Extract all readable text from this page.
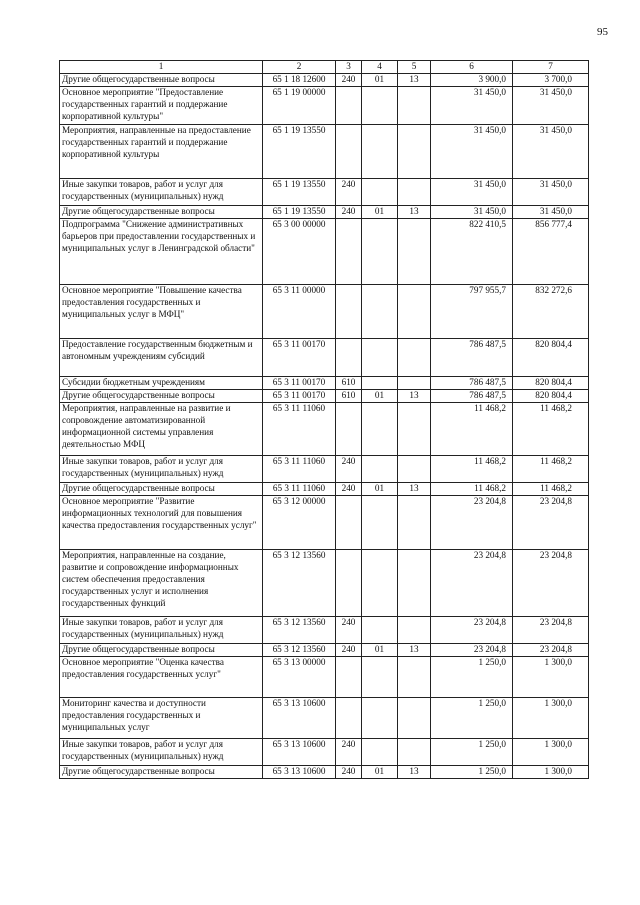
95
1	2	3	4	5	6	7
Другие общегосударственные вопросы	65 1 18 12600	240	01	13	3 900,0	3 700,0
Основное мероприятие "Предоставление государственных гарантий и поддержание корпоративной культуры"	65 1 19 00000				31 450,0	31 450,0
Мероприятия, направленные на предоставление государственных гарантий и поддержание корпоративной культуры	65 1 19 13550				31 450,0	31 450,0
Иные закупки товаров, работ и услуг для государственных (муниципальных) нужд	65 1 19 13550	240			31 450,0	31 450,0
Другие общегосударственные вопросы	65 1 19 13550	240	01	13	31 450,0	31 450,0
Подпрограмма "Снижение административных барьеров при предоставлении государственных и муниципальных услуг в Ленинградской области"	65 3 00 00000				822 410,5	856 777,4
Основное мероприятие "Повышение качества предоставления государственных и муниципальных услуг в МФЦ"	65 3 11 00000				797 955,7	832 272,6
Предоставление государственным бюджетным и автономным учреждениям субсидий	65 3 11 00170				786 487,5	820 804,4
Субсидии бюджетным учреждениям	65 3 11 00170	610			786 487,5	820 804,4
Другие общегосударственные вопросы	65 3 11 00170	610	01	13	786 487,5	820 804,4
Мероприятия, направленные на развитие и сопровождение автоматизированной информационной системы управления деятельностью МФЦ	65 3 11 11060				11 468,2	11 468,2
Иные закупки товаров, работ и услуг для государственных (муниципальных) нужд	65 3 11 11060	240			11 468,2	11 468,2
Другие общегосударственные вопросы	65 3 11 11060	240	01	13	11 468,2	11 468,2
Основное мероприятие "Развитие информационных технологий для повышения качества предоставления государственных услуг"	65 3 12 00000				23 204,8	23 204,8
Мероприятия, направленные на создание, развитие и сопровождение информационных систем обеспечения предоставления государственных услуг и исполнения государственных функций	65 3 12 13560				23 204,8	23 204,8
Иные закупки товаров, работ и услуг для государственных (муниципальных) нужд	65 3 12 13560	240			23 204,8	23 204,8
Другие общегосударственные вопросы	65 3 12 13560	240	01	13	23 204,8	23 204,8
Основное мероприятие "Оценка качества предоставления государственных услуг"	65 3 13 00000				1 250,0	1 300,0
Мониторинг качества и доступности предоставления государственных и муниципальных услуг	65 3 13 10600				1 250,0	1 300,0
Иные закупки товаров, работ и услуг для государственных (муниципальных) нужд	65 3 13 10600	240			1 250,0	1 300,0
Другие общегосударственные вопросы	65 3 13 10600	240	01	13	1 250,0	1 300,0
